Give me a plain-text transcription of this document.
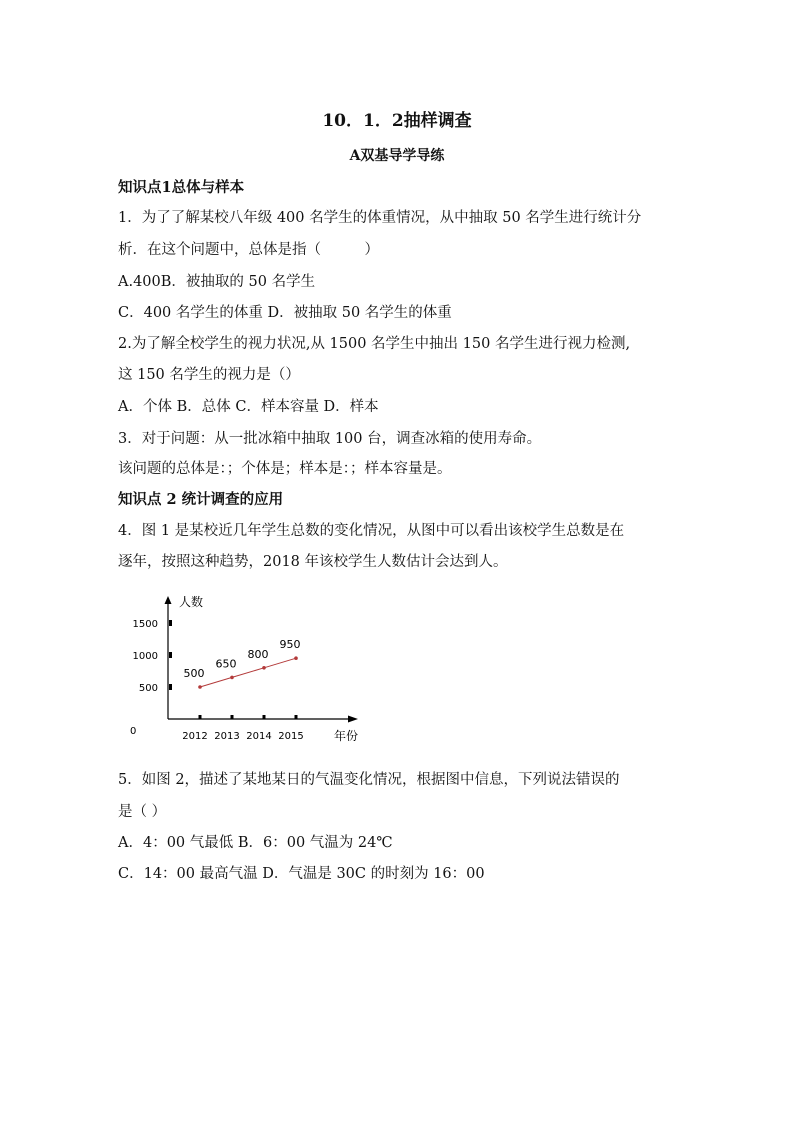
10．1．2抽样调查
A双基导学导练
知识点1总体与样本
1．为了了解某校八年级 400 名学生的体重情况，从中抽取 50 名学生进行统计分
析．在这个问题中，总体是指（　　　）
A.400B．被抽取的 50 名学生
C．400 名学生的体重 D．被抽取 50 名学生的体重
2.为了解全校学生的视力状况,从 1500 名学生中抽出 150 名学生进行视力检测,
这 150 名学生的视力是（）
A．个体 B．总体 C．样本容量 D．样本
3．对于问题：从一批冰箱中抽取 100 台，调查冰箱的使用寿命。
该问题的总体是：；个体是；样本是：；样本容量是。
知识点 2 统计调查的应用
4．图 1 是某校近几年学生总数的变化情况，从图中可以看出该校学生总数是在
逐年，按照这种趋势，2018 年该校学生人数估计会达到人。
人数
年份
0
1500
1000
500
2012 2013 2014 2015
500
650
800
950
5．如图 2，描述了某地某日的气温变化情况，根据图中信息，下列说法错误的
是（ ）
A．4：00 气最低 B．6：00 气温为 24℃
C．14：00 最高气温 D．气温是 30C 的时刻为 16：00
